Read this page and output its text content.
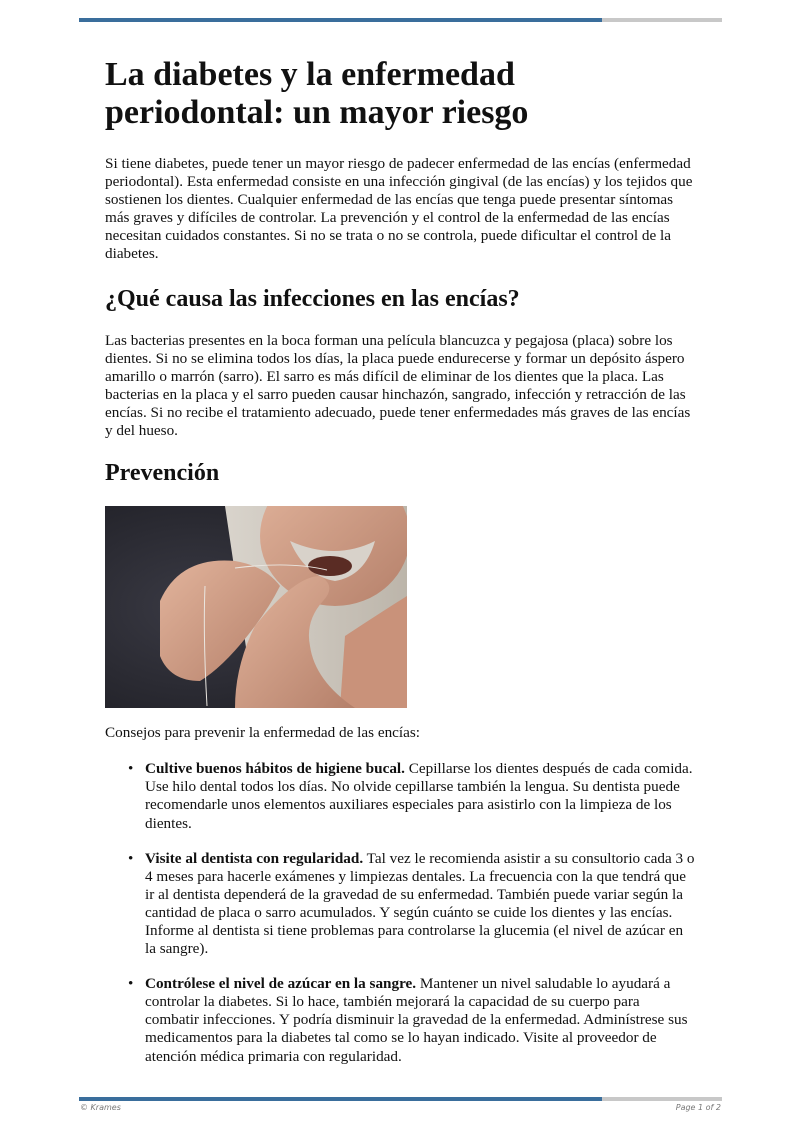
La diabetes y la enfermedad periodontal: un mayor riesgo

Si tiene diabetes, puede tener un mayor riesgo de padecer enfermedad de las encías (enfermedad periodontal). Esta enfermedad consiste en una infección gingival (de las encías) y los tejidos que sostienen los dientes. Cualquier enfermedad de las encías que tenga puede presentar síntomas más graves y difíciles de controlar. La prevención y el control de la enfermedad de las encías necesitan cuidados constantes. Si no se trata o no se controla, puede dificultar el control de la diabetes.

¿Qué causa las infecciones en las encías?

Las bacterias presentes en la boca forman una película blancuzca y pegajosa (placa) sobre los dientes. Si no se elimina todos los días, la placa puede endurecerse y formar un depósito áspero amarillo o marrón (sarro). El sarro es más difícil de eliminar de los dientes que la placa. Las bacterias en la placa y el sarro pueden causar hinchazón, sangrado, infección y retracción de las encías. Si no recibe el tratamiento adecuado, puede tener enfermedades más graves de las encías y del hueso.

Prevención

Consejos para prevenir la enfermedad de las encías:

• Cultive buenos hábitos de higiene bucal. Cepillarse los dientes después de cada comida. Use hilo dental todos los días. No olvide cepillarse también la lengua. Su dentista puede recomendarle unos elementos auxiliares especiales para asistirlo con la limpieza de los dientes.
• Visite al dentista con regularidad. Tal vez le recomienda asistir a su consultorio cada 3 o 4 meses para hacerle exámenes y limpiezas dentales. La frecuencia con la que tendrá que ir al dentista dependerá de la gravedad de su enfermedad. También puede variar según la cantidad de placa o sarro acumulados. Y según cuánto se cuide los dientes y las encías. Informe al dentista si tiene problemas para controlarse la glucemia (el nivel de azúcar en la sangre).
• Contrólese el nivel de azúcar en la sangre. Mantener un nivel saludable lo ayudará a controlar la diabetes. Si lo hace, también mejorará la capacidad de su cuerpo para combatir infecciones. Y podría disminuir la gravedad de la enfermedad. Adminístrese sus medicamentos para la diabetes tal como se lo hayan indicado. Visite al proveedor de atención médica primaria con regularidad.
© Krames	Page 1 of 2
